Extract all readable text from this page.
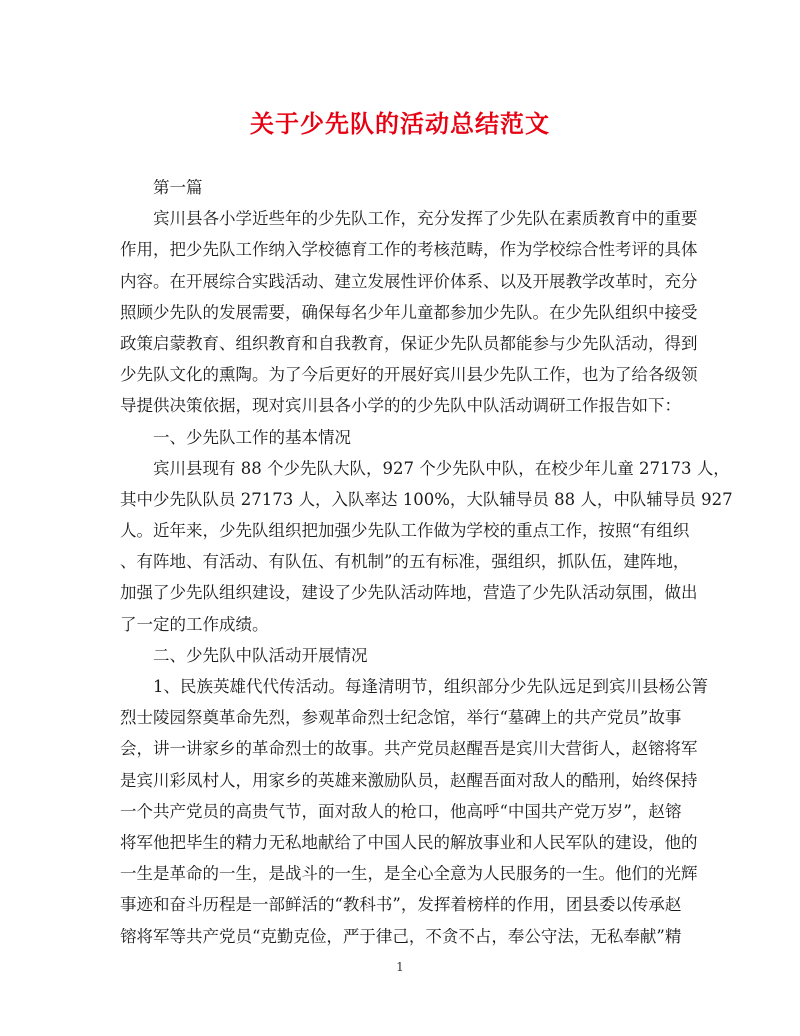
关于少先队的活动总结范文
第一篇
宾川县各小学近些年的少先队工作，充分发挥了少先队在素质教育中的重要
作用，把少先队工作纳入学校德育工作的考核范畴，作为学校综合性考评的具体
内容。在开展综合实践活动、建立发展性评价体系、以及开展教学改革时，充分
照顾少先队的发展需要，确保每名少年儿童都参加少先队。在少先队组织中接受
政策启蒙教育、组织教育和自我教育，保证少先队员都能参与少先队活动，得到
少先队文化的熏陶。为了今后更好的开展好宾川县少先队工作，也为了给各级领
导提供决策依据，现对宾川县各小学的的少先队中队活动调研工作报告如下：
一、少先队工作的基本情况
宾川县现有 88 个少先队大队，927 个少先队中队，在校少年儿童 27173 人，
其中少先队队员 27173 人，入队率达 100%，大队辅导员 88 人，中队辅导员 927
人。近年来，少先队组织把加强少先队工作做为学校的重点工作，按照“有组织
、有阵地、有活动、有队伍、有机制”的五有标准，强组织，抓队伍，建阵地，
加强了少先队组织建设，建设了少先队活动阵地，营造了少先队活动氛围，做出
了一定的工作成绩。
二、少先队中队活动开展情况
1、民族英雄代代传活动。每逢清明节，组织部分少先队远足到宾川县杨公箐
烈士陵园祭奠革命先烈，参观革命烈士纪念馆，举行“墓碑上的共产党员”故事
会，讲一讲家乡的革命烈士的故事。共产党员赵醒吾是宾川大营街人，赵镕将军
是宾川彩凤村人，用家乡的英雄来激励队员，赵醒吾面对敌人的酷刑，始终保持
一个共产党员的高贵气节，面对敌人的枪口，他高呼“中国共产党万岁”，赵镕
将军他把毕生的精力无私地献给了中国人民的解放事业和人民军队的建设，他的
一生是革命的一生，是战斗的一生，是全心全意为人民服务的一生。他们的光辉
事迹和奋斗历程是一部鲜活的“教科书”，发挥着榜样的作用，团县委以传承赵
镕将军等共产党员“克勤克俭，严于律己，不贪不占，奉公守法，无私奉献”精
1
